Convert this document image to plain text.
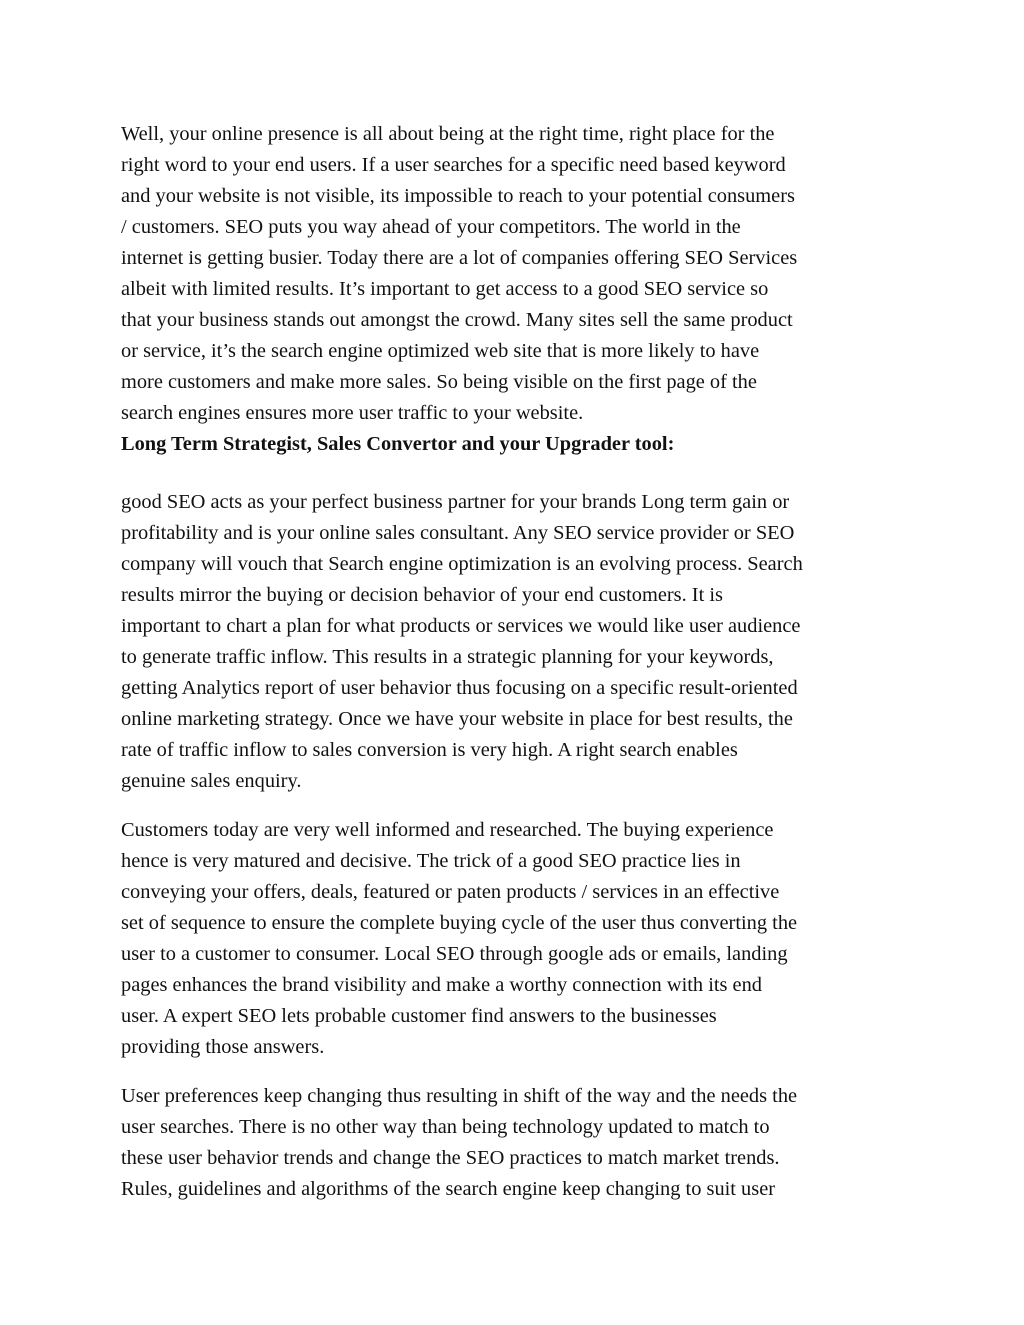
Well, your online presence is all about being at the right time, right place for the
right word to your end users. If a user searches for a specific need based keyword
and your website is not visible, its impossible to reach to your potential consumers
/ customers. SEO puts you way ahead of your competitors. The world in the
internet is getting busier. Today there are a lot of companies offering SEO Services
albeit with limited results. It’s important to get access to a good SEO service so
that your business stands out amongst the crowd. Many sites sell the same product
or service, it’s the search engine optimized web site that is more likely to have
more customers and make more sales. So being visible on the first page of the
search engines ensures more user traffic to your website.

Long Term Strategist, Sales Convertor and your Upgrader tool:

good SEO acts as your perfect business partner for your brands Long term gain or
profitability and is your online sales consultant. Any SEO service provider or SEO
company will vouch that Search engine optimization is an evolving process. Search
results mirror the buying or decision behavior of your end customers. It is
important to chart a plan for what products or services we would like user audience
to generate traffic inflow. This results in a strategic planning for your keywords,
getting Analytics report of user behavior thus focusing on a specific result-oriented
online marketing strategy. Once we have your website in place for best results, the
rate of traffic inflow to sales conversion is very high. A right search enables
genuine sales enquiry.

Customers today are very well informed and researched. The buying experience
hence is very matured and decisive. The trick of a good SEO practice lies in
conveying your offers, deals, featured or paten products / services in an effective
set of sequence to ensure the complete buying cycle of the user thus converting the
user to a customer to consumer. Local SEO through google ads or emails, landing
pages enhances the brand visibility and make a worthy connection with its end
user. A expert SEO lets probable customer find answers to the businesses
providing those answers.

User preferences keep changing thus resulting in shift of the way and the needs the
user searches. There is no other way than being technology updated to match to
these user behavior trends and change the SEO practices to match market trends.
Rules, guidelines and algorithms of the search engine keep changing to suit user
